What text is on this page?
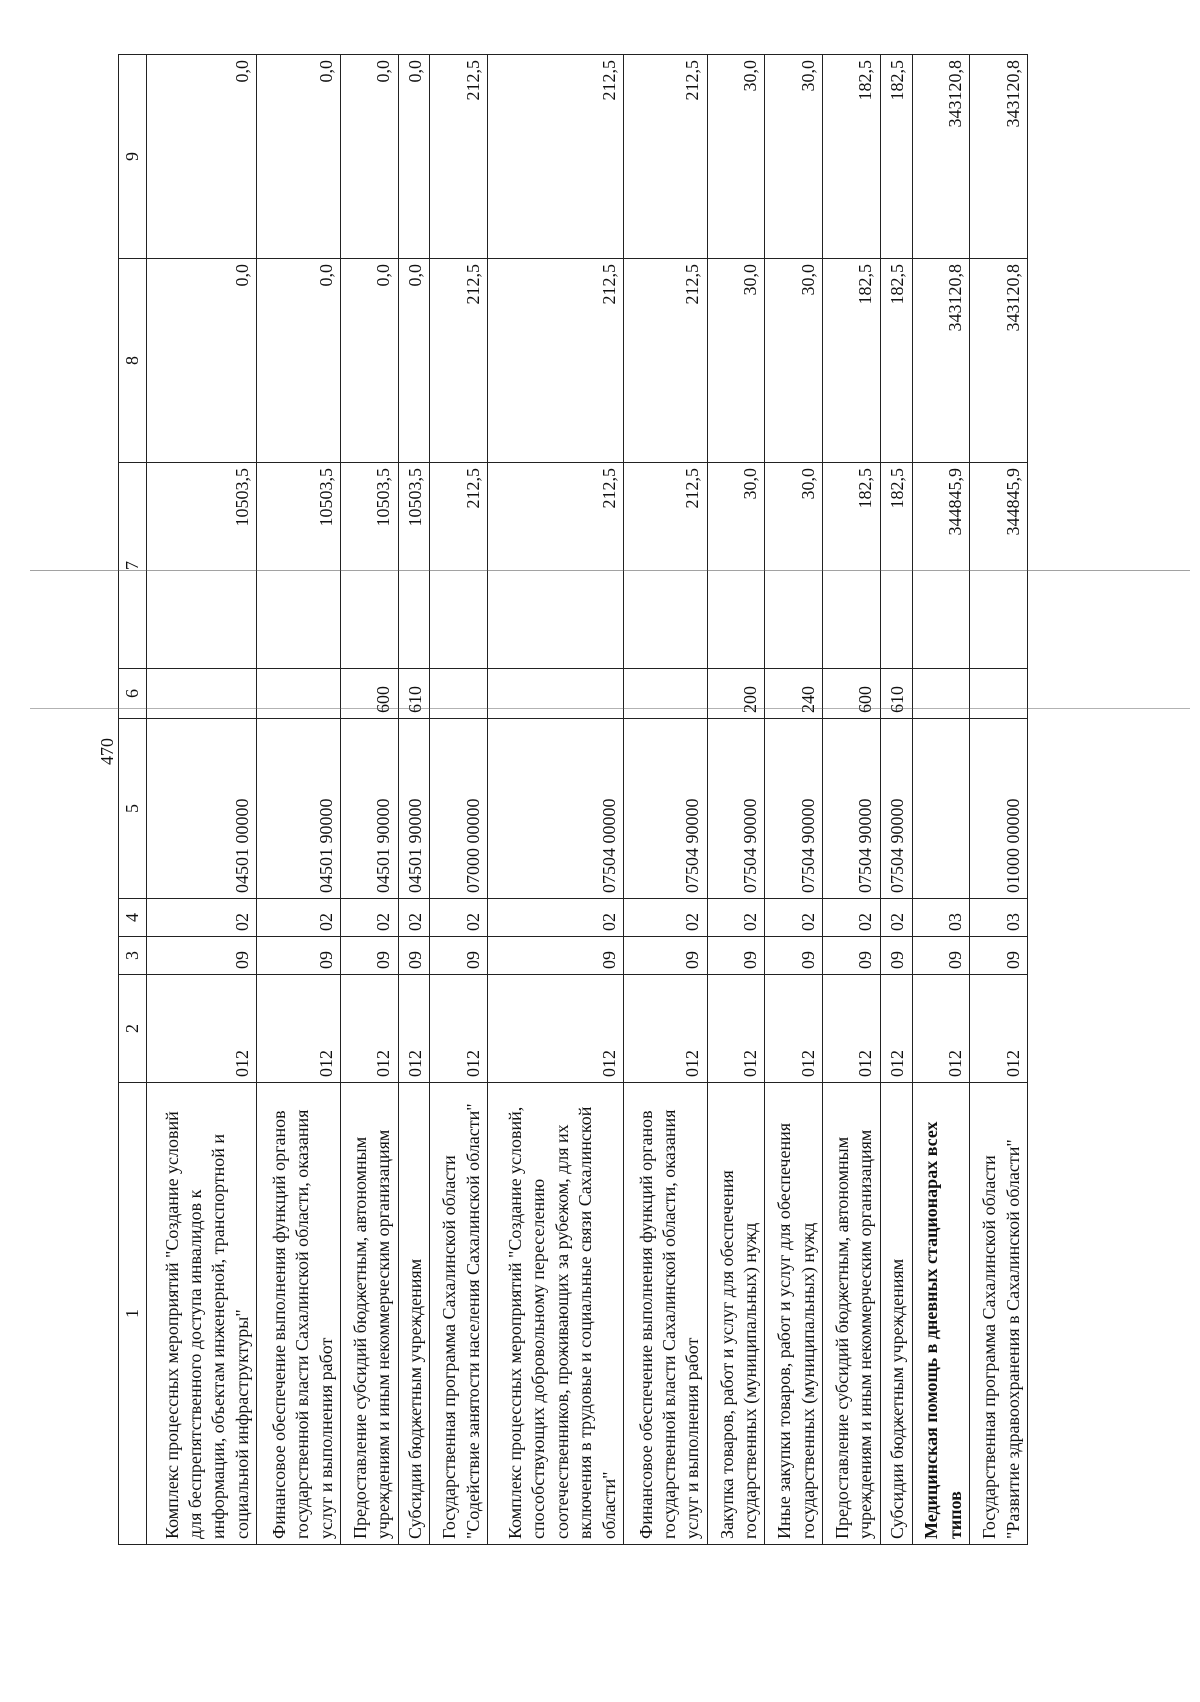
470
1	2	3	4	5	6	7	8	9
Комплекс процессных мероприятий "Создание условий для беспрепятственного доступа инвалидов к информации, объектам инженерной, транспортной и социальной инфраструктуры"	012	09	02	04501 00000		10503,5	0,0	0,0
Финансовое обеспечение выполнения функций органов государственной власти Сахалинской области, оказания услуг и выполнения работ	012	09	02	04501 90000		10503,5	0,0	0,0
Предоставление субсидий бюджетным, автономным учреждениям и иным некоммерческим организациям	012	09	02	04501 90000	600	10503,5	0,0	0,0
Субсидии бюджетным учреждениям	012	09	02	04501 90000	610	10503,5	0,0	0,0
Государственная программа Сахалинской области "Содействие занятости населения Сахалинской области"	012	09	02	07000 00000		212,5	212,5	212,5
Комплекс процессных мероприятий "Создание условий, способствующих добровольному переселению соотечественников, проживающих за рубежом, для их включения в трудовые и социальные связи Сахалинской области"	012	09	02	07504 00000		212,5	212,5	212,5
Финансовое обеспечение выполнения функций органов государственной власти Сахалинской области, оказания услуг и выполнения работ	012	09	02	07504 90000		212,5	212,5	212,5
Закупка товаров, работ и услуг для обеспечения государственных (муниципальных) нужд	012	09	02	07504 90000	200	30,0	30,0	30,0
Иные закупки товаров, работ и услуг для обеспечения государственных (муниципальных) нужд	012	09	02	07504 90000	240	30,0	30,0	30,0
Предоставление субсидий бюджетным, автономным учреждениям и иным некоммерческим организациям	012	09	02	07504 90000	600	182,5	182,5	182,5
Субсидии бюджетным учреждениям	012	09	02	07504 90000	610	182,5	182,5	182,5
Медицинская помощь в дневных стационарах всех типов	012	09	03			344845,9	343120,8	343120,8
Государственная программа Сахалинской области "Развитие здравоохранения в Сахалинской области"	012	09	03	01000 00000		344845,9	343120,8	343120,8
